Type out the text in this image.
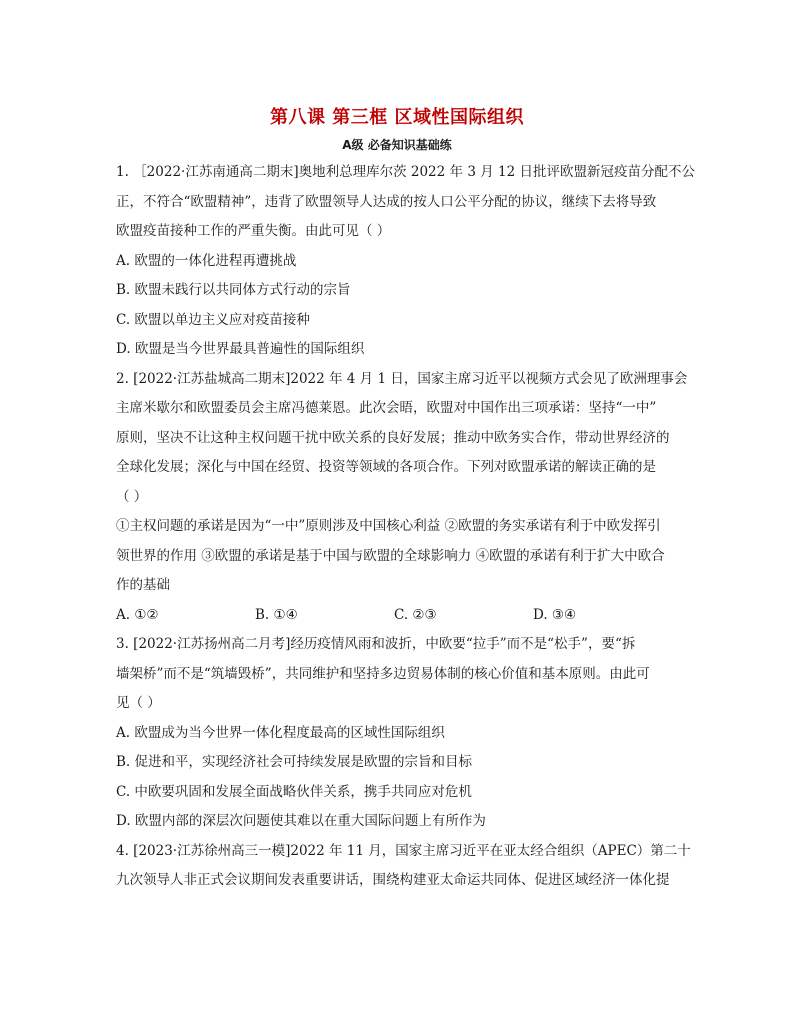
第八课 第三框 区域性国际组织
A级 必备知识基础练

1. ［2022·江苏南通高二期末]奥地利总理库尔茨 2022 年 3 月 12 日批评欧盟新冠疫苗分配不公
正，不符合“欧盟精神”，违背了欧盟领导人达成的按人口公平分配的协议，继续下去将导致
欧盟疫苗接种工作的严重失衡。由此可见（ ）

A. 欧盟的一体化进程再遭挑战
B. 欧盟未践行以共同体方式行动的宗旨
C. 欧盟以单边主义应对疫苗接种
D. 欧盟是当今世界最具普遍性的国际组织

2. [2022·江苏盐城高二期末]2022 年 4 月 1 日，国家主席习近平以视频方式会见了欧洲理事会
主席米歇尔和欧盟委员会主席冯德莱恩。此次会晤，欧盟对中国作出三项承诺：坚持“一中”
原则，坚决不让这种主权问题干扰中欧关系的良好发展；推动中欧务实合作，带动世界经济的
全球化发展；深化与中国在经贸、投资等领域的各项合作。下列对欧盟承诺的解读正确的是
（ ）
①主权问题的承诺是因为“一中”原则涉及中国核心利益 ②欧盟的务实承诺有利于中欧发挥引
领世界的作用 ③欧盟的承诺是基于中国与欧盟的全球影响力 ④欧盟的承诺有利于扩大中欧合
作的基础

A. ①②	B. ①④	C. ②③	D. ③④

3. [2022·江苏扬州高二月考]经历疫情风雨和波折，中欧要“拉手”而不是“松手”，要“拆
墙架桥”而不是“筑墙毁桥”，共同维护和坚持多边贸易体制的核心价值和基本原则。由此可
见（ ）

A. 欧盟成为当今世界一体化程度最高的区域性国际组织
B. 促进和平，实现经济社会可持续发展是欧盟的宗旨和目标
C. 中欧要巩固和发展全面战略伙伴关系，携手共同应对危机
D. 欧盟内部的深层次问题使其难以在重大国际问题上有所作为

4. [2023·江苏徐州高三一模]2022 年 11 月，国家主席习近平在亚太经合组织（APEC）第二十
九次领导人非正式会议期间发表重要讲话，围绕构建亚太命运共同体、促进区域经济一体化提
